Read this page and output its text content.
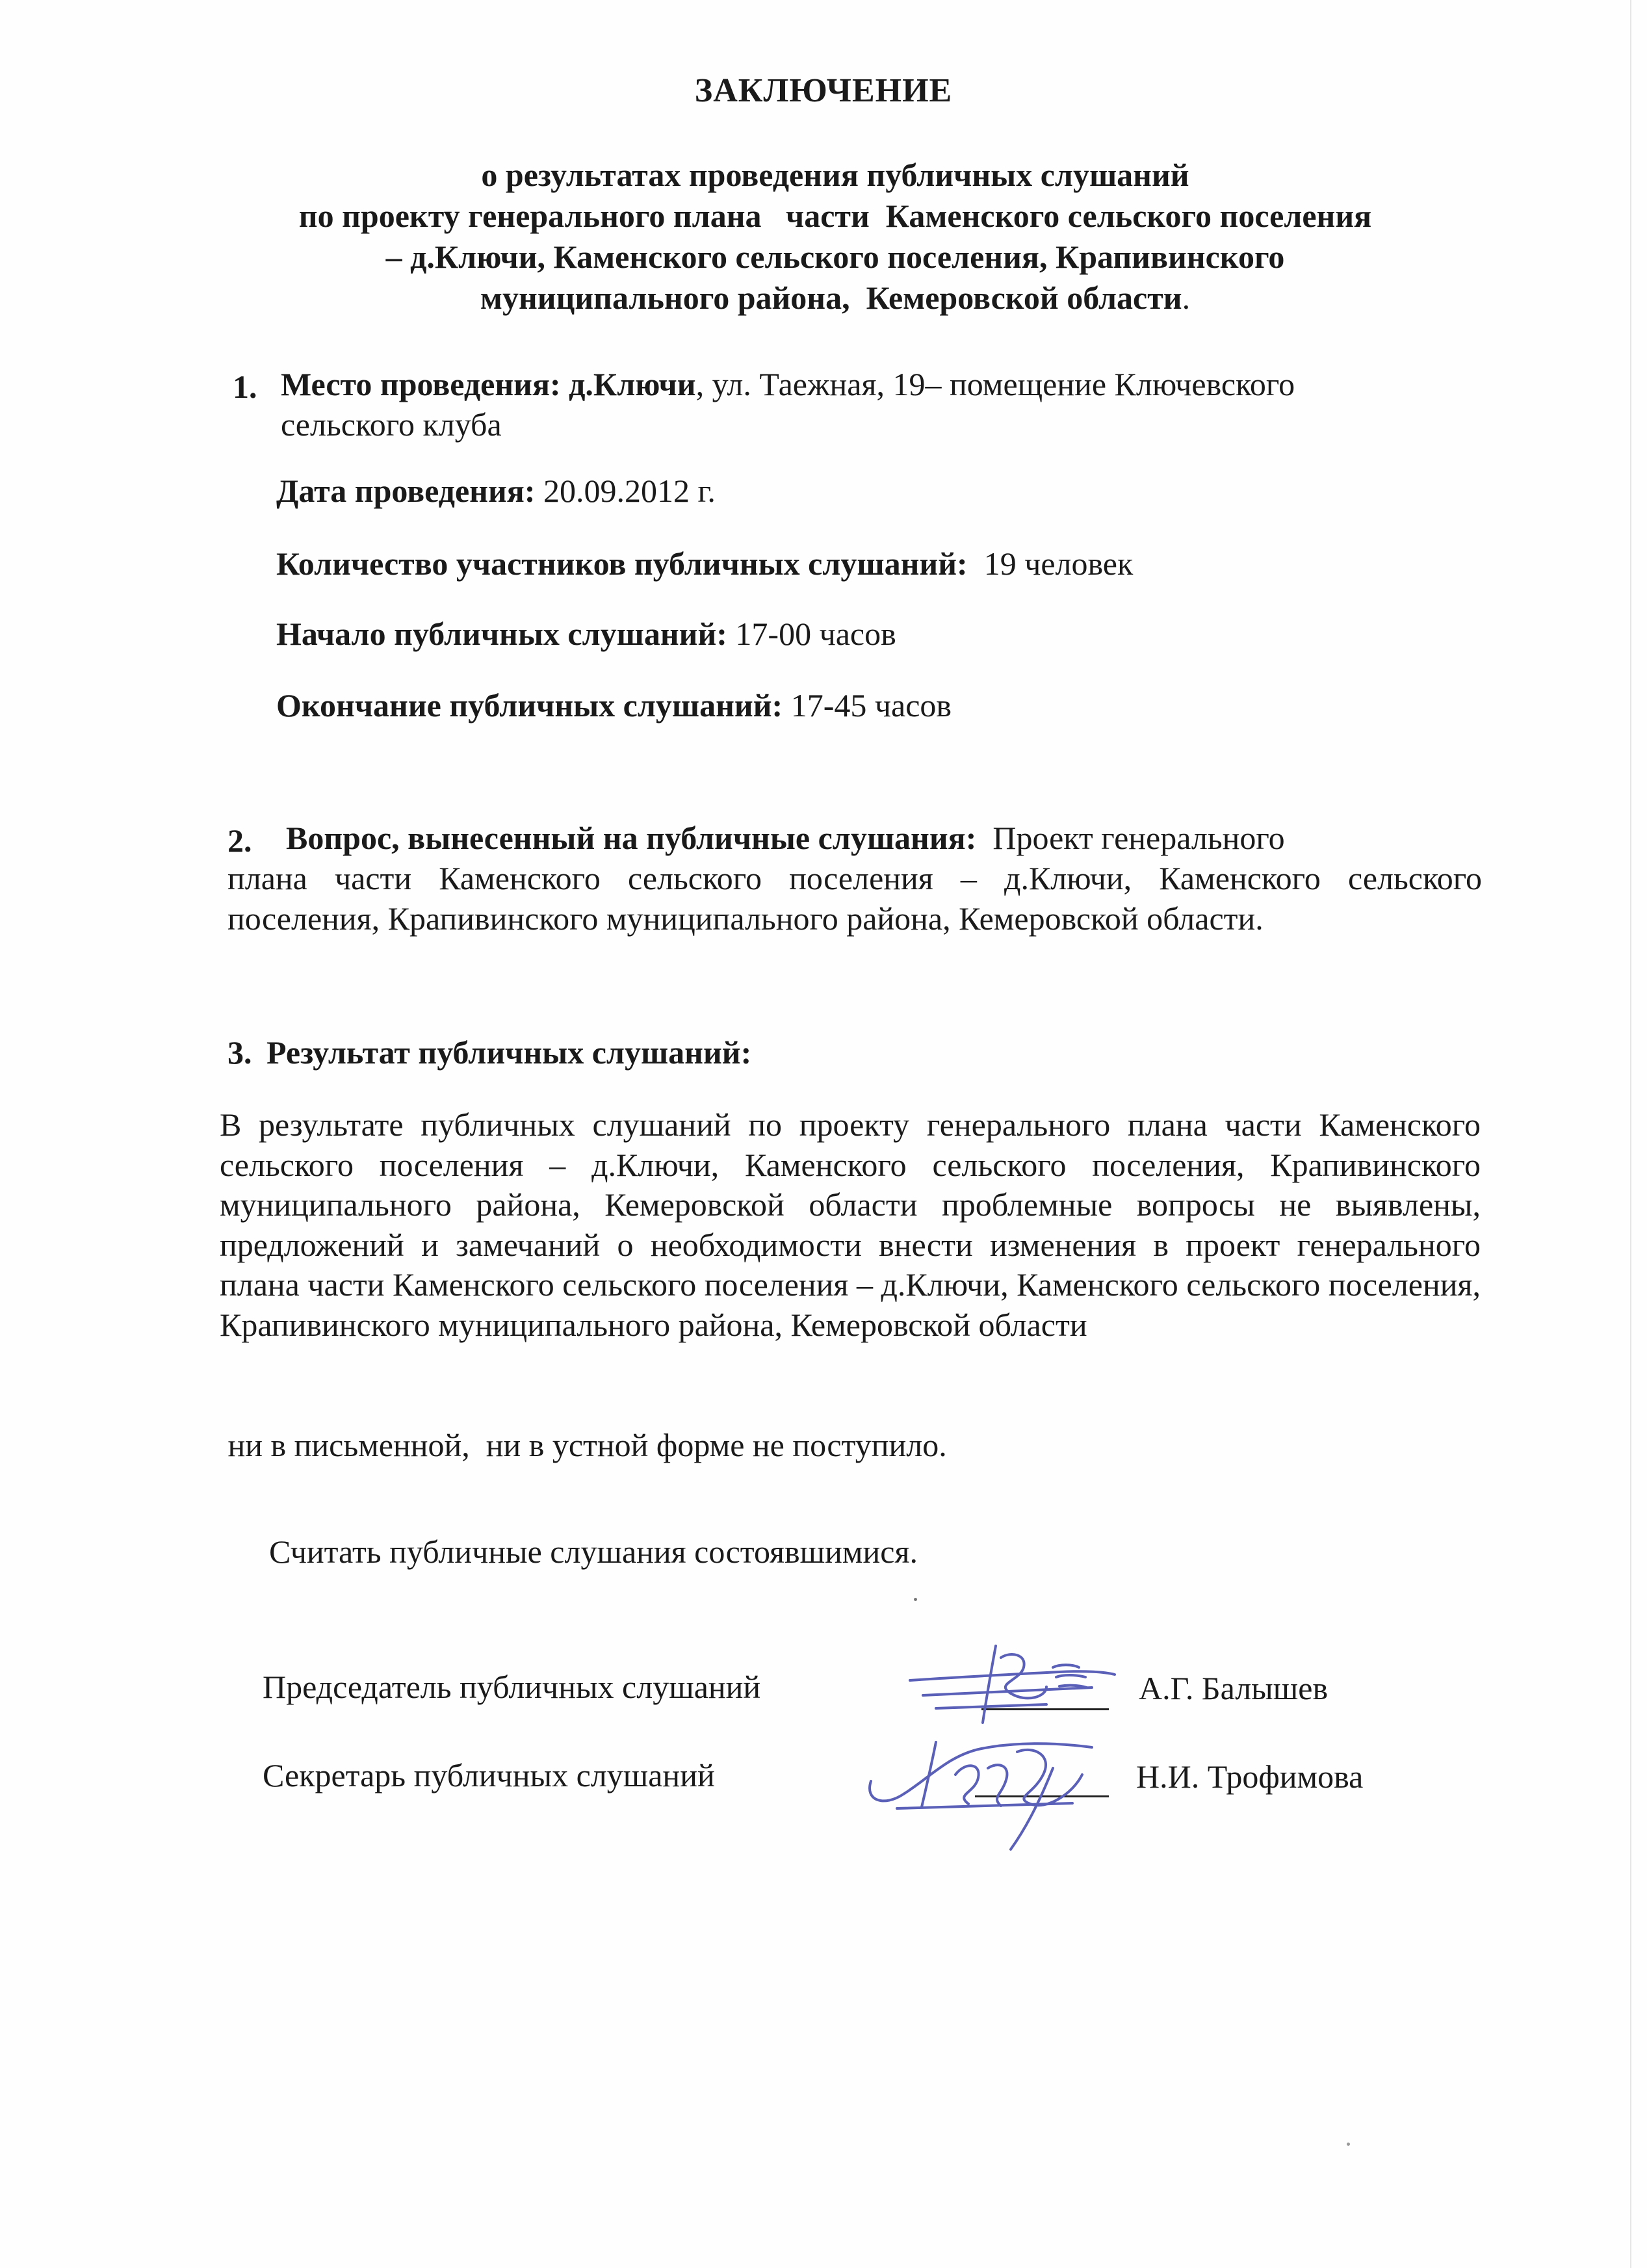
ЗАКЛЮЧЕНИЕ
о результатах проведения публичных слушаний
по проекту генерального плана   части  Каменского сельского поселения
– д.Ключи, Каменского сельского поселения, Крапивинского
муниципального района,  Кемеровской области.
1. Место проведения: д.Ключи, ул. Таежная, 19– помещение Ключевского
сельского клуба
Дата проведения: 20.09.2012 г.
Количество участников публичных слушаний:  19 человек
Начало публичных слушаний: 17-00 часов
Окончание публичных слушаний: 17-45 часов
2. Вопрос, вынесенный на публичные слушания: Проект генерального
плана части Каменского сельского поселения – д.Ключи, Каменского сельского поселения, Крапивинского муниципального района, Кемеровской области.
3. Результат публичных слушаний:
В результате публичных слушаний по проекту генерального плана части Каменского сельского поселения – д.Ключи, Каменского сельского поселения, Крапивинского муниципального района, Кемеровской области проблемные вопросы не выявлены, предложений и замечаний о необходимости внести изменения в проект генерального плана части Каменского сельского поселения – д.Ключи, Каменского сельского поселения, Крапивинского муниципального района, Кемеровской области
ни в письменной,  ни в устной форме не поступило.
Считать публичные слушания состоявшимися.
Председатель публичных слушаний	А.Г. Балышев
Секретарь публичных слушаний	Н.И. Трофимова
